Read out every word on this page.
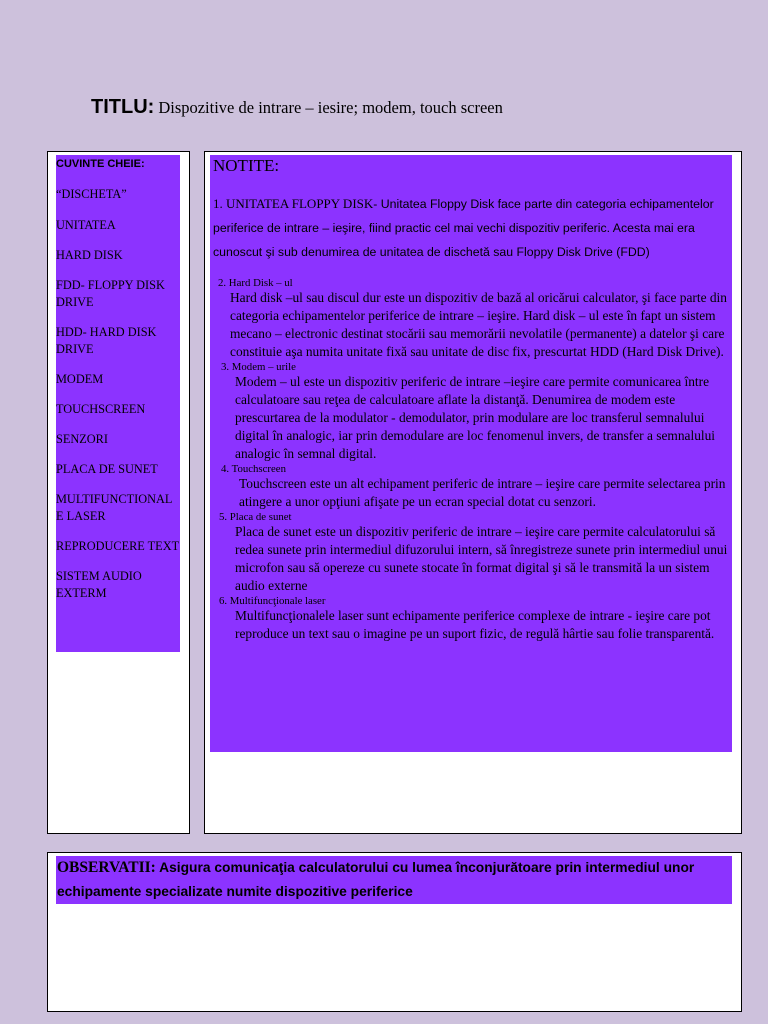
TITLU: Dispozitive de intrare – iesire; modem, touch screen
CUVINTE CHEIE:
“DISCHETA”
UNITATEA
HARD DISK
FDD- FLOPPY DISK DRIVE
HDD- HARD DISK DRIVE
MODEM
TOUCHSCREEN
SENZORI
PLACA DE SUNET
MULTIFUNCTIONAL E LASER
REPRODUCERE TEXT
SISTEM AUDIO EXTERM
NOTITE:
1. UNITATEA FLOPPY DISK- Unitatea Floppy Disk face parte din categoria echipamentelor periferice de intrare – ieşire, fiind practic cel mai vechi dispozitiv periferic. Acesta mai era cunoscut şi sub denumirea de unitatea de dischetă sau Floppy Disk Drive (FDD)
2. Hard Disk – ul
Hard disk –ul sau discul dur este un dispozitiv de bază al oricărui calculator, şi face parte din categoria echipamentelor periferice de intrare – ieşire. Hard disk – ul este în fapt un sistem mecano – electronic destinat stocării sau memorării nevolatile (permanente) a datelor şi care constituie aşa numita unitate fixă sau unitate de disc fix, prescurtat HDD (Hard Disk Drive).
3. Modem – urile
Modem – ul este un dispozitiv periferic de intrare –ieşire care permite comunicarea între calculatoare sau reţea de calculatoare aflate la distanţă. Denumirea de modem este prescurtarea de la modulator - demodulator, prin modulare are loc transferul semnalului digital în analogic, iar prin demodulare are loc fenomenul invers, de transfer a semnalului analogic în semnal digital.
4. Touchscreen
Touchscreen este un alt echipament periferic de intrare – ieşire care permite selectarea prin atingere a unor opţiuni afişate pe un ecran special dotat cu senzori.
5. Placa de sunet
Placa de sunet este un dispozitiv periferic de intrare – ieşire care permite calculatorului să redea sunete prin intermediul difuzorului intern, să înregistreze sunete prin intermediul unui microfon sau să opereze cu sunete stocate în format digital şi să le transmită la un sistem audio externe
6. Multifuncţionale laser
Multifuncţionalele laser sunt echipamente periferice complexe de intrare - ieşire care pot reproduce un text sau o imagine pe un suport fizic, de regulă hârtie sau folie transparentă.
OBSERVATII: Asigura comunicaţia calculatorului cu lumea înconjurătoare prin intermediul unor echipamente specializate numite dispozitive periferice
